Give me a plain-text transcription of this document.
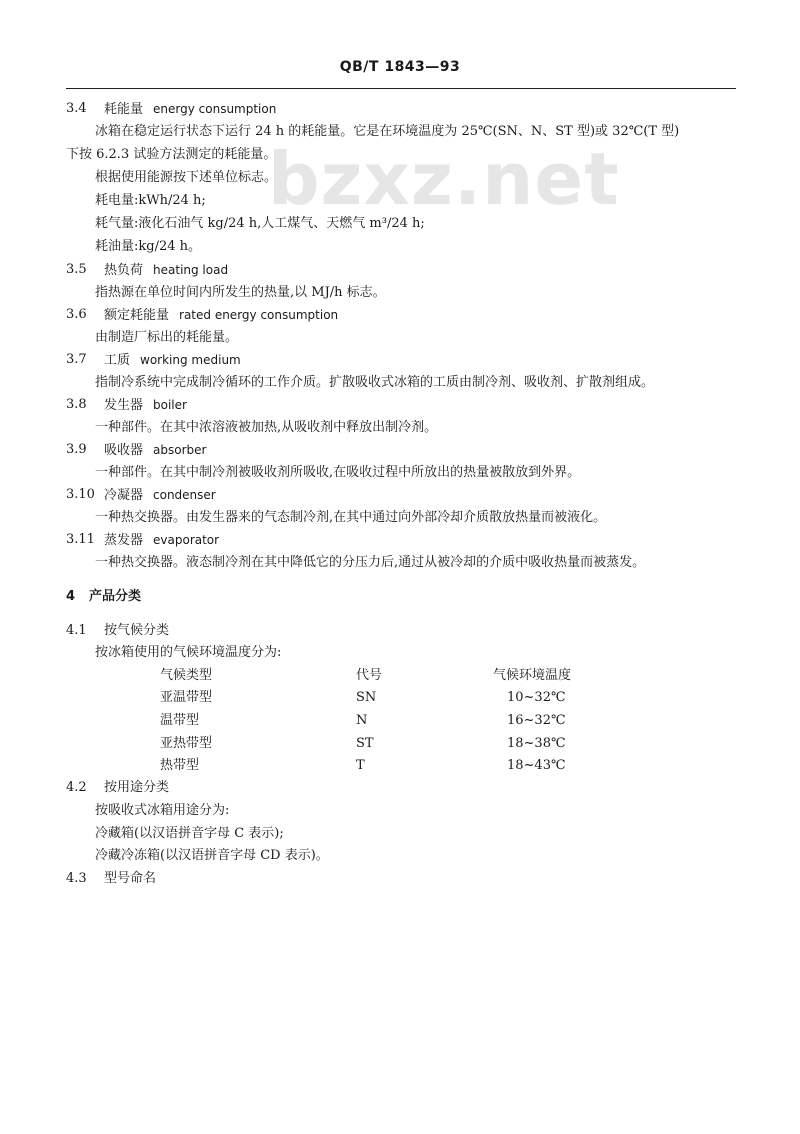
QB/T 1843—93
bzxz.net
3.4 耗能量 energy consumption
冰箱在稳定运行状态下运行 24 h 的耗能量。它是在环境温度为 25℃(SN、N、ST 型)或 32℃(T 型)
下按 6.2.3 试验方法测定的耗能量。
根据使用能源按下述单位标志。
耗电量:kWh/24 h;
耗气量:液化石油气 kg/24 h,人工煤气、天燃气 m³/24 h;
耗油量:kg/24 h。
3.5 热负荷 heating load
指热源在单位时间内所发生的热量,以 MJ/h 标志。
3.6 额定耗能量 rated energy consumption
由制造厂标出的耗能量。
3.7 工质 working medium
指制冷系统中完成制冷循环的工作介质。扩散吸收式冰箱的工质由制冷剂、吸收剂、扩散剂组成。
3.8 发生器 boiler
一种部件。在其中浓溶液被加热,从吸收剂中释放出制冷剂。
3.9 吸收器 absorber
一种部件。在其中制冷剂被吸收剂所吸收,在吸收过程中所放出的热量被散放到外界。
3.10 冷凝器 condenser
一种热交换器。由发生器来的气态制冷剂,在其中通过向外部冷却介质散放热量而被液化。
3.11 蒸发器 evaporator
一种热交换器。液态制冷剂在其中降低它的分压力后,通过从被冷却的介质中吸收热量而被蒸发。
4 产品分类
4.1 按气候分类
按冰箱使用的气候环境温度分为:
气候类型	代号	气候环境温度
亚温带型	SN	10~32℃
温带型	N	16~32℃
亚热带型	ST	18~38℃
热带型	T	18~43℃
4.2 按用途分类
按吸收式冰箱用途分为:
冷藏箱(以汉语拼音字母 C 表示);
冷藏冷冻箱(以汉语拼音字母 CD 表示)。
4.3 型号命名
